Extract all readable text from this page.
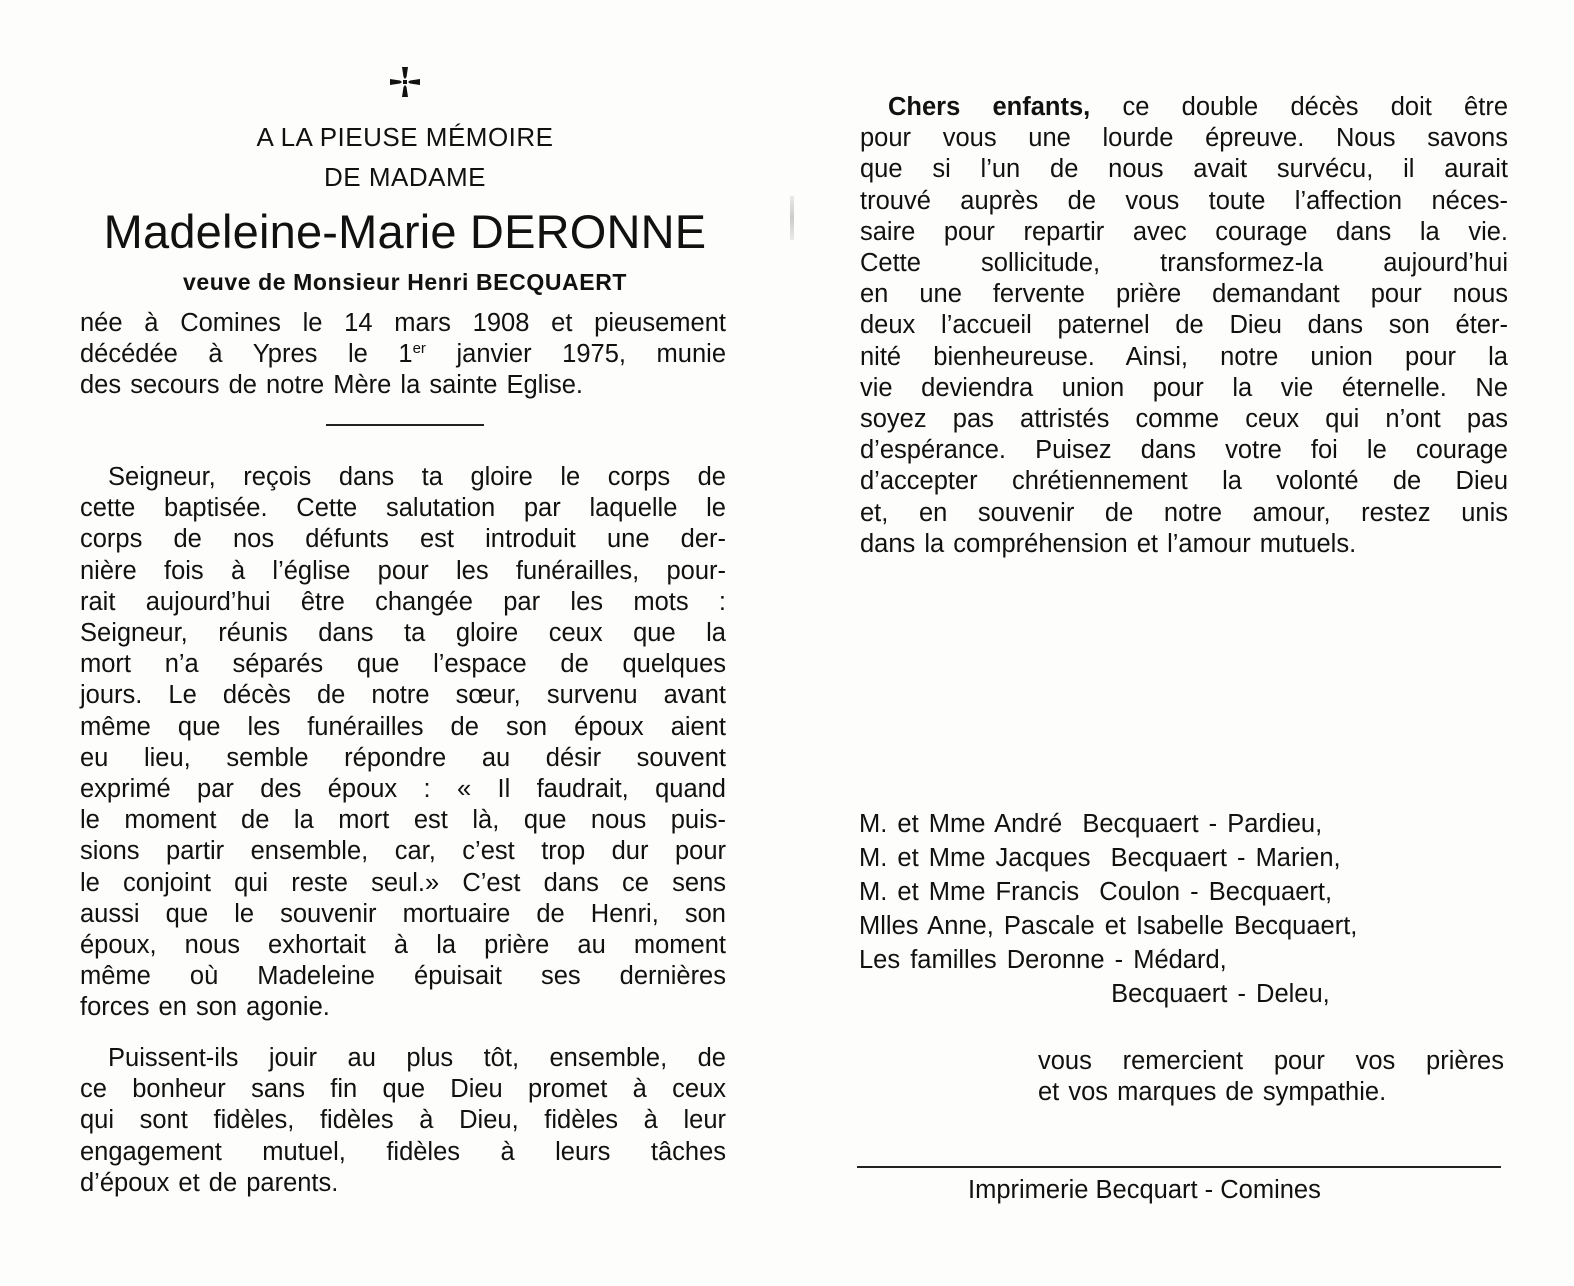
A LA PIEUSE MÉMOIRE
DE MADAME
Madeleine-Marie DERONNE
veuve de Monsieur Henri BECQUAERT
née à Comines le 14 mars 1908 et pieusement
décédée à Ypres le 1er janvier 1975, munie
des secours de notre Mère la sainte Eglise.
Seigneur, reçois dans ta gloire le corps de
cette baptisée. Cette salutation par laquelle le
corps de nos défunts est introduit une der-
nière fois à l’église pour les funérailles, pour-
rait aujourd’hui être changée par les mots :
Seigneur, réunis dans ta gloire ceux que la
mort n’a séparés que l’espace de quelques
jours. Le décès de notre sœur, survenu avant
même que les funérailles de son époux aient
eu lieu, semble répondre au désir souvent
exprimé par des époux : « Il faudrait, quand
le moment de la mort est là, que nous puis-
sions partir ensemble, car, c’est trop dur pour
le conjoint qui reste seul.» C’est dans ce sens
aussi que le souvenir mortuaire de Henri, son
époux, nous exhortait à la prière au moment
même où Madeleine épuisait ses dernières
forces en son agonie.
Puissent-ils jouir au plus tôt, ensemble, de
ce bonheur sans fin que Dieu promet à ceux
qui sont fidèles, fidèles à Dieu, fidèles à leur
engagement mutuel, fidèles à leurs tâches
d’époux et de parents.
Chers enfants, ce double décès doit être
pour vous une lourde épreuve. Nous savons
que si l’un de nous avait survécu, il aurait
trouvé auprès de vous toute l’affection néces-
saire pour repartir avec courage dans la vie.
Cette sollicitude, transformez-la aujourd’hui
en une fervente prière demandant pour nous
deux l’accueil paternel de Dieu dans son éter-
nité bienheureuse. Ainsi, notre union pour la
vie deviendra union pour la vie éternelle. Ne
soyez pas attristés comme ceux qui n’ont pas
d’espérance. Puisez dans votre foi le courage
d’accepter chrétiennement la volonté de Dieu
et, en souvenir de notre amour, restez unis
dans la compréhension et l’amour mutuels.
M. et Mme André  Becquaert - Pardieu,
M. et Mme Jacques  Becquaert - Marien,
M. et Mme Francis  Coulon - Becquaert,
Mlles Anne, Pascale et Isabelle Becquaert,
Les familles Deronne - Médard,
Becquaert - Deleu,
vous remercient pour vos prières
et vos marques de sympathie.
Imprimerie Becquart - Comines
